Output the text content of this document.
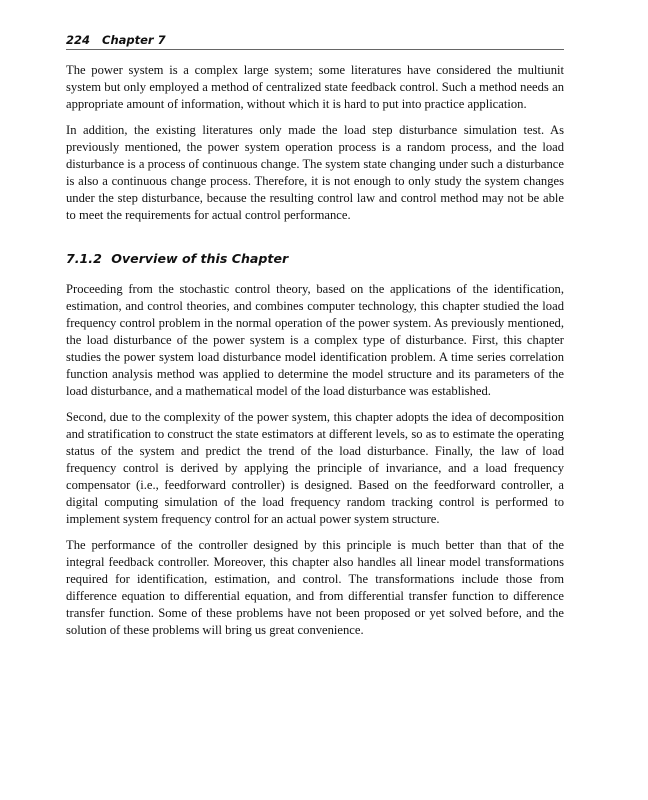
224 Chapter 7

The power system is a complex large system; some literatures have considered the multiunit system but only employed a method of centralized state feedback control. Such a method needs an appropriate amount of information, without which it is hard to put into practice application.

In addition, the existing literatures only made the load step disturbance simulation test. As previously mentioned, the power system operation process is a random process, and the load disturbance is a process of continuous change. The system state changing under such a disturbance is also a continuous change process. Therefore, it is not enough to only study the system changes under the step disturbance, because the resulting control law and control method may not be able to meet the requirements for actual control performance.

7.1.2 Overview of this Chapter

Proceeding from the stochastic control theory, based on the applications of the identification, estimation, and control theories, and combines computer technology, this chapter studied the load frequency control problem in the normal operation of the power system. As previously mentioned, the load disturbance of the power system is a complex type of disturbance. First, this chapter studies the power system load disturbance model identification problem. A time series correlation function analysis method was applied to determine the model structure and its parameters of the load disturbance, and a mathematical model of the load disturbance was established.

Second, due to the complexity of the power system, this chapter adopts the idea of decomposition and stratification to construct the state estimators at different levels, so as to estimate the operating status of the system and predict the trend of the load disturbance. Finally, the law of load frequency control is derived by applying the principle of invariance, and a load frequency compensator (i.e., feedforward controller) is designed. Based on the feedforward controller, a digital computing simulation of the load frequency random tracking control is performed to implement system frequency control for an actual power system structure.

The performance of the controller designed by this principle is much better than that of the integral feedback controller. Moreover, this chapter also handles all linear model transformations required for identification, estimation, and control. The transformations include those from difference equation to differential equation, and from differential transfer function to difference transfer function. Some of these problems have not been proposed or yet solved before, and the solution of these problems will bring us great convenience.
